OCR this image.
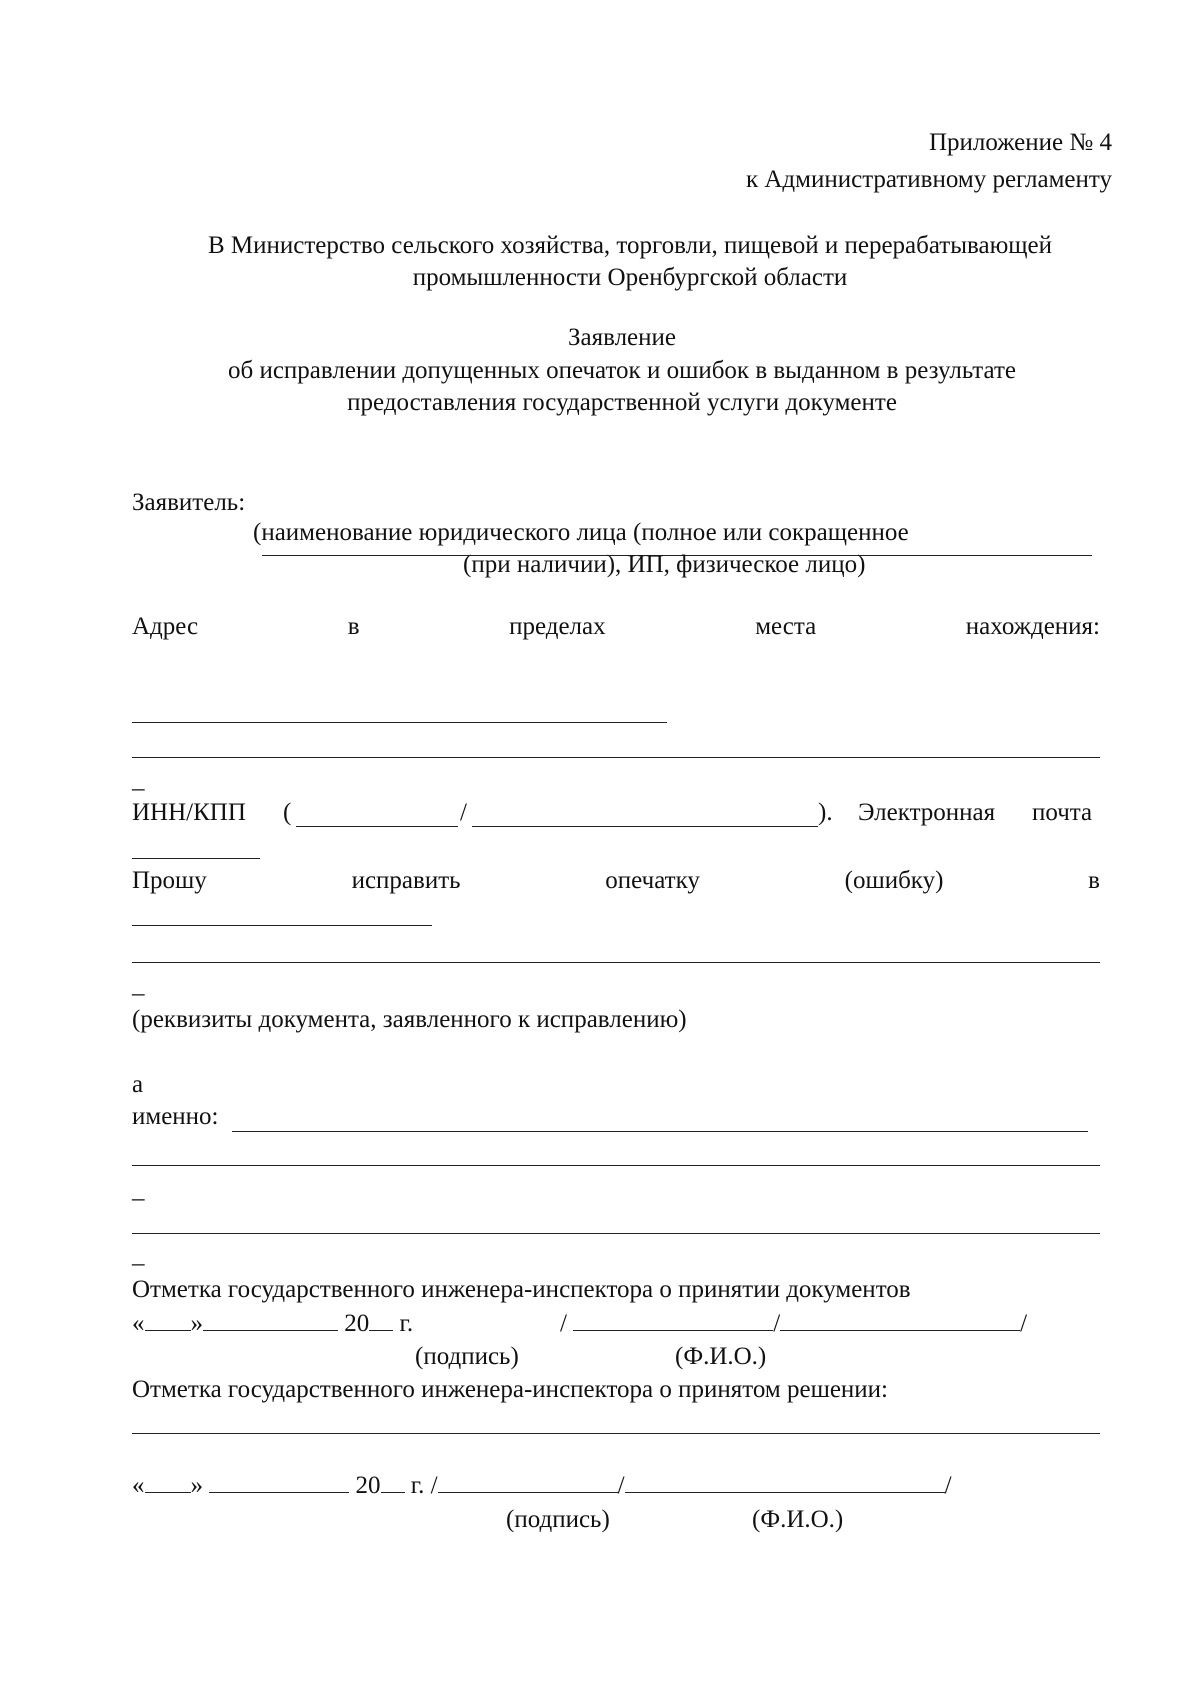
Приложение № 4
к Административному регламенту
В Министерство сельского хозяйства, торговли, пищевой и перерабатывающей
промышленности Оренбургской области
Заявление
об исправлении допущенных опечаток и ошибок в выданном в результате
предоставления государственной услуги документе
Заявитель:
(наименование юридического лица (полное или сокращенное
(при наличии), ИП, физическое лицо)
Адрес	в	пределах	места	нахождения:
_
ИНН/КПП (	/	). Электронная почта
Прошу	исправить	опечатку	(ошибку)	в
_
(реквизиты документа, заявленного к исправлению)
а
именно:
_
_
Отметка государственного инженера-инспектора о принятии документов
« »	20 г.	/	/	/
(подпись)	(Ф.И.О.)
Отметка государственного инженера-инспектора о принятом решении:
« »	20 г. /	/	/
(подпись)	(Ф.И.О.)
